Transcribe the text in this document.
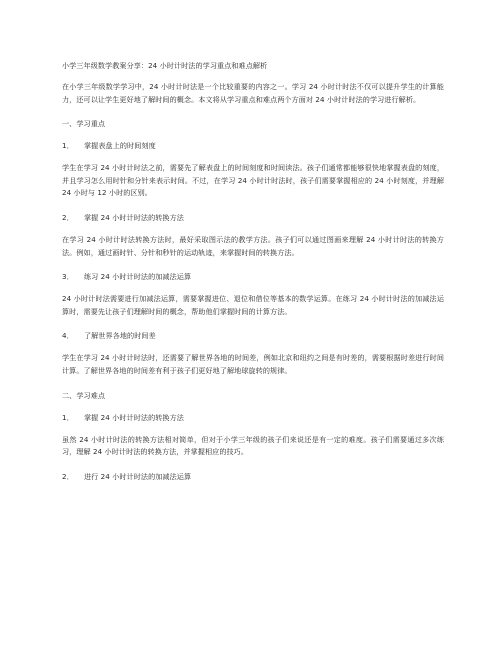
小学三年级数学教案分享：24 小时计时法的学习重点和难点解析
在小学三年级数学学习中，24 小时计时法是一个比较重要的内容之一。学习 24 小时计时法不仅可以提升学生的计算能力，还可以让学生更好地了解时间的概念。本文将从学习重点和难点两个方面对 24 小时计时法的学习进行解析。
一、学习重点
1． 掌握表盘上的时间刻度
学生在学习 24 小时计时法之前，需要先了解表盘上的时间刻度和时间读法。孩子们通常都能够很快地掌握表盘的刻度，并且学习怎么用时针和分针来表示时间。不过，在学习 24 小时计时法时，孩子们需要掌握相应的 24 小时刻度，并理解 24 小时与 12 小时的区别。
2． 掌握 24 小时计时法的转换方法
在学习 24 小时计时法转换方法时，最好采取图示法的教学方法。孩子们可以通过图画来理解 24 小时计时法的转换方法。例如，通过画时针、分针和秒针的运动轨迹，来掌握时间的转换方法。
3． 练习 24 小时计时法的加减法运算
24 小时计时法需要进行加减法运算，需要掌握进位、退位和借位等基本的数学运算。在练习 24 小时计时法的加减法运算时，需要先让孩子们理解时间的概念，帮助他们掌握时间的计算方法。
4． 了解世界各地的时间差
学生在学习 24 小时计时法时，还需要了解世界各地的时间差，例如北京和纽约之间是有时差的，需要根据时差进行时间计算。了解世界各地的时间差有利于孩子们更好地了解地球旋转的规律。
二、学习难点
1． 掌握 24 小时计时法的转换方法
虽然 24 小时计时法的转换方法相对简单，但对于小学三年级的孩子们来说还是有一定的难度。孩子们需要通过多次练习，理解 24 小时计时法的转换方法，并掌握相应的技巧。
2． 进行 24 小时计时法的加减法运算
